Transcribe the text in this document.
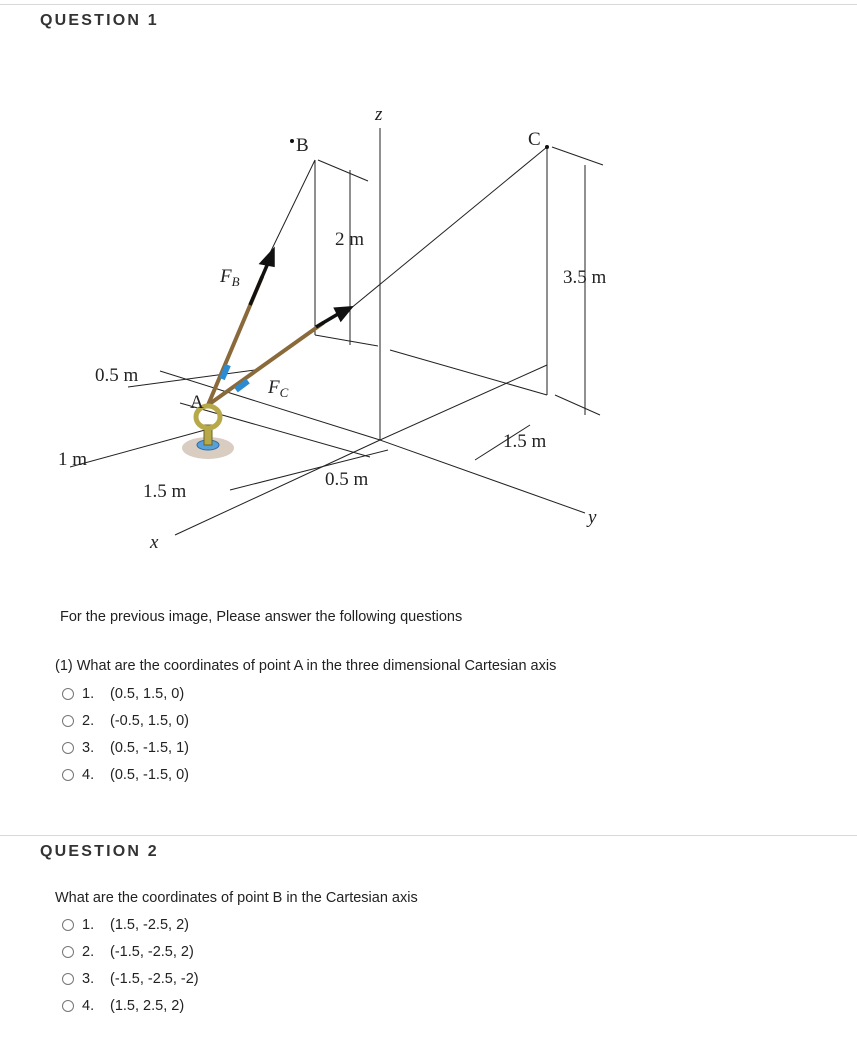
QUESTION 1
z
B	C
2 m
3.5 m
$F_B$
$F_C$
A
0.5 m
1 m
1.5 m
0.5 m
1.5 m
y
x
For the previous image, Please answer the following questions
(1) What are the coordinates of point A in the three dimensional Cartesian axis
1.	(0.5, 1.5, 0)
2.	(-0.5, 1.5, 0)
3.	(0.5, -1.5, 1)
4.	(0.5, -1.5, 0)
QUESTION 2
What are the coordinates of point B in the Cartesian axis
1.	(1.5, -2.5, 2)
2.	(-1.5, -2.5, 2)
3.	(-1.5, -2.5, -2)
4.	(1.5, 2.5, 2)
